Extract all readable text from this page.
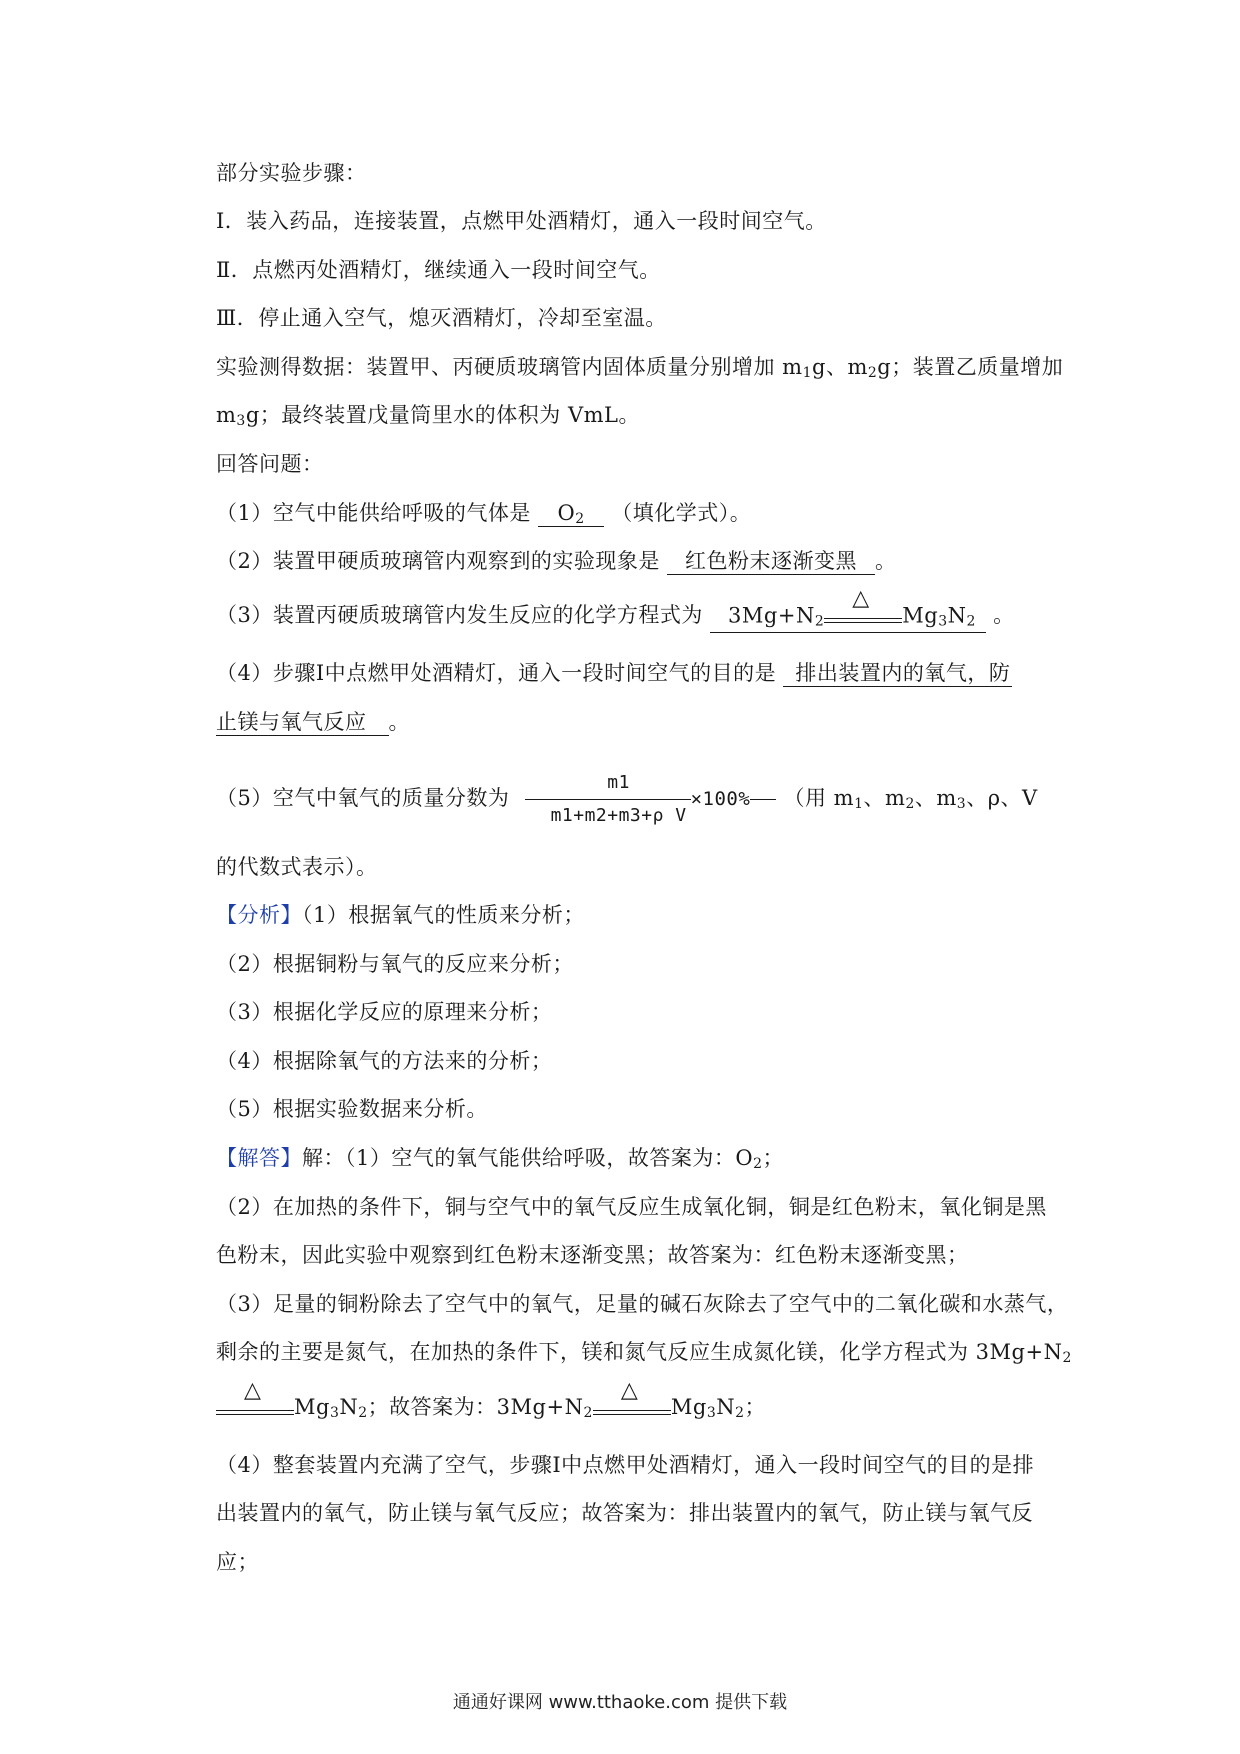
部分实验步骤：
Ⅰ．装入药品，连接装置，点燃甲处酒精灯，通入一段时间空气。
Ⅱ．点燃丙处酒精灯，继续通入一段时间空气。
Ⅲ．停止通入空气，熄灭酒精灯，冷却至室温。
实验测得数据：装置甲、丙硬质玻璃管内固体质量分别增加 $m_1g$、$m_2g$；装置乙质量增加
$m_3g$；最终装置戊量筒里水的体积为 VmL。
回答问题：
（1）空气中能供给呼吸的气体是 $O_2$ （填化学式）。
（2）装置甲硬质玻璃管内观察到的实验现象是 红色粉末逐渐变黑 。
（3）装置丙硬质玻璃管内发生反应的化学方程式为 $3Mg+N_2$
△
$Mg_3N_2$ 。
（4）步骤Ⅰ中点燃甲处酒精灯，通入一段时间空气的目的是 排出装置内的氧气，防
止镁与氧气反应 。
（5）空气中氧气的质量分数为 $\frac{m1}{\text{m1+m2+m3+ρ V}} \times 100\%$ （用 $m_1$、$m_2$、$m_3$、ρ、V
的代数式表示）。
【分析】（1）根据氧气的性质来分析；
（2）根据铜粉与氧气的反应来分析；
（3）根据化学反应的原理来分析；
（4）根据除氧气的方法来的分析；
（5）根据实验数据来分析。
【解答】解：（1）空气的氧气能供给呼吸，故答案为：$O_2$；
（2）在加热的条件下，铜与空气中的氧气反应生成氧化铜，铜是红色粉末，氧化铜是黑
色粉末，因此实验中观察到红色粉末逐渐变黑；故答案为：红色粉末逐渐变黑；
（3）足量的铜粉除去了空气中的氧气，足量的碱石灰除去了空气中的二氧化碳和水蒸气，
剩余的主要是氮气，在加热的条件下，镁和氮气反应生成氮化镁，化学方程式为 $3Mg+N_2$
△
$Mg_3N_2$；故答案为：$3Mg+N_2$
△
$Mg_3N_2$；
（4）整套装置内充满了空气，步骤Ⅰ中点燃甲处酒精灯，通入一段时间空气的目的是排
出装置内的氧气，防止镁与氧气反应；故答案为：排出装置内的氧气，防止镁与氧气反
应；
通通好课网 www.tthaoke.com 提供下载
